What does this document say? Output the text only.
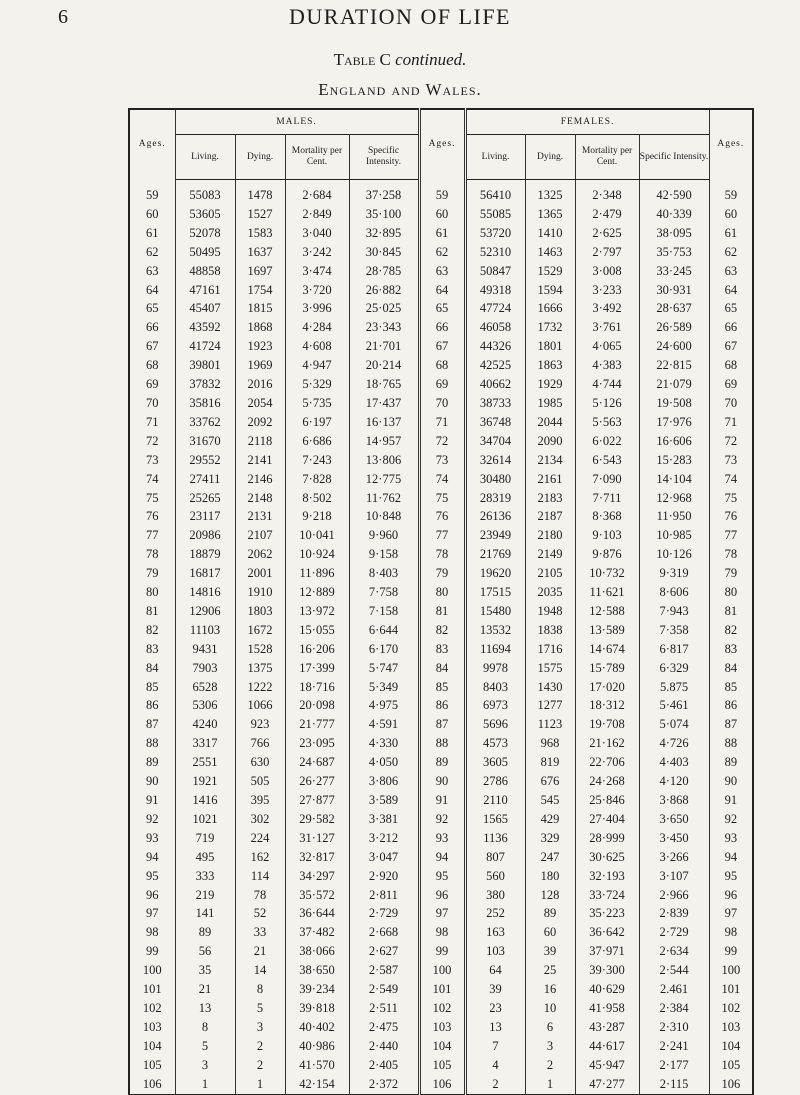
6	DURATION OF LIFE
Table C continued.
England and Wales.
Ages.	MALES.				Ages.	FEMALES.				Ages.
	Living.	Dying.	Mortality per Cent.	Specific Intensity.		Living.	Dying.	Mortality per Cent.	Specific Intensity.	

59	55083	1478	2·684	37·258	59	56410	1325	2·348	42·590	59
60	53605	1527	2·849	35·100	60	55085	1365	2·479	40·339	60
61	52078	1583	3·040	32·895	61	53720	1410	2·625	38·095	61
62	50495	1637	3·242	30·845	62	52310	1463	2·797	35·753	62
63	48858	1697	3·474	28·785	63	50847	1529	3·008	33·245	63
64	47161	1754	3·720	26·882	64	49318	1594	3·233	30·931	64
65	45407	1815	3·996	25·025	65	47724	1666	3·492	28·637	65
66	43592	1868	4·284	23·343	66	46058	1732	3·761	26·589	66
67	41724	1923	4·608	21·701	67	44326	1801	4·065	24·600	67
68	39801	1969	4·947	20·214	68	42525	1863	4·383	22·815	68
69	37832	2016	5·329	18·765	69	40662	1929	4·744	21·079	69
70	35816	2054	5·735	17·437	70	38733	1985	5·126	19·508	70
71	33762	2092	6·197	16·137	71	36748	2044	5·563	17·976	71
72	31670	2118	6·686	14·957	72	34704	2090	6·022	16·606	72
73	29552	2141	7·243	13·806	73	32614	2134	6·543	15·283	73
74	27411	2146	7·828	12·775	74	30480	2161	7·090	14·104	74
75	25265	2148	8·502	11·762	75	28319	2183	7·711	12·968	75
76	23117	2131	9·218	10·848	76	26136	2187	8·368	11·950	76
77	20986	2107	10·041	9·960	77	23949	2180	9·103	10·985	77
78	18879	2062	10·924	9·158	78	21769	2149	9·876	10·126	78
79	16817	2001	11·896	8·403	79	19620	2105	10·732	9·319	79
80	14816	1910	12·889	7·758	80	17515	2035	11·621	8·606	80
81	12906	1803	13·972	7·158	81	15480	1948	12·588	7·943	81
82	11103	1672	15·055	6·644	82	13532	1838	13·589	7·358	82
83	9431	1528	16·206	6·170	83	11694	1716	14·674	6·817	83
84	7903	1375	17·399	5·747	84	9978	1575	15·789	6·329	84
85	6528	1222	18·716	5·349	85	8403	1430	17·020	5.875	85
86	5306	1066	20·098	4·975	86	6973	1277	18·312	5·461	86
87	4240	923	21·777	4·591	87	5696	1123	19·708	5·074	87
88	3317	766	23·095	4·330	88	4573	968	21·162	4·726	88
89	2551	630	24·687	4·050	89	3605	819	22·706	4·403	89
90	1921	505	26·277	3·806	90	2786	676	24·268	4·120	90
91	1416	395	27·877	3·589	91	2110	545	25·846	3·868	91
92	1021	302	29·582	3·381	92	1565	429	27·404	3·650	92
93	719	224	31·127	3·212	93	1136	329	28·999	3·450	93
94	495	162	32·817	3·047	94	807	247	30·625	3·266	94
95	333	114	34·297	2·920	95	560	180	32·193	3·107	95
96	219	78	35·572	2·811	96	380	128	33·724	2·966	96
97	141	52	36·644	2·729	97	252	89	35·223	2·839	97
98	89	33	37·482	2·668	98	163	60	36·642	2·729	98
99	56	21	38·066	2·627	99	103	39	37·971	2·634	99
100	35	14	38·650	2·587	100	64	25	39·300	2·544	100
101	21	8	39·234	2·549	101	39	16	40·629	2.461	101
102	13	5	39·818	2·511	102	23	10	41·958	2·384	102
103	8	3	40·402	2·475	103	13	6	43·287	2·310	103
104	5	2	40·986	2·440	104	7	3	44·617	2·241	104
105	3	2	41·570	2·405	105	4	2	45·947	2·177	105
106	1	1	42·154	2·372	106	2	1	47·277	2·115	106
